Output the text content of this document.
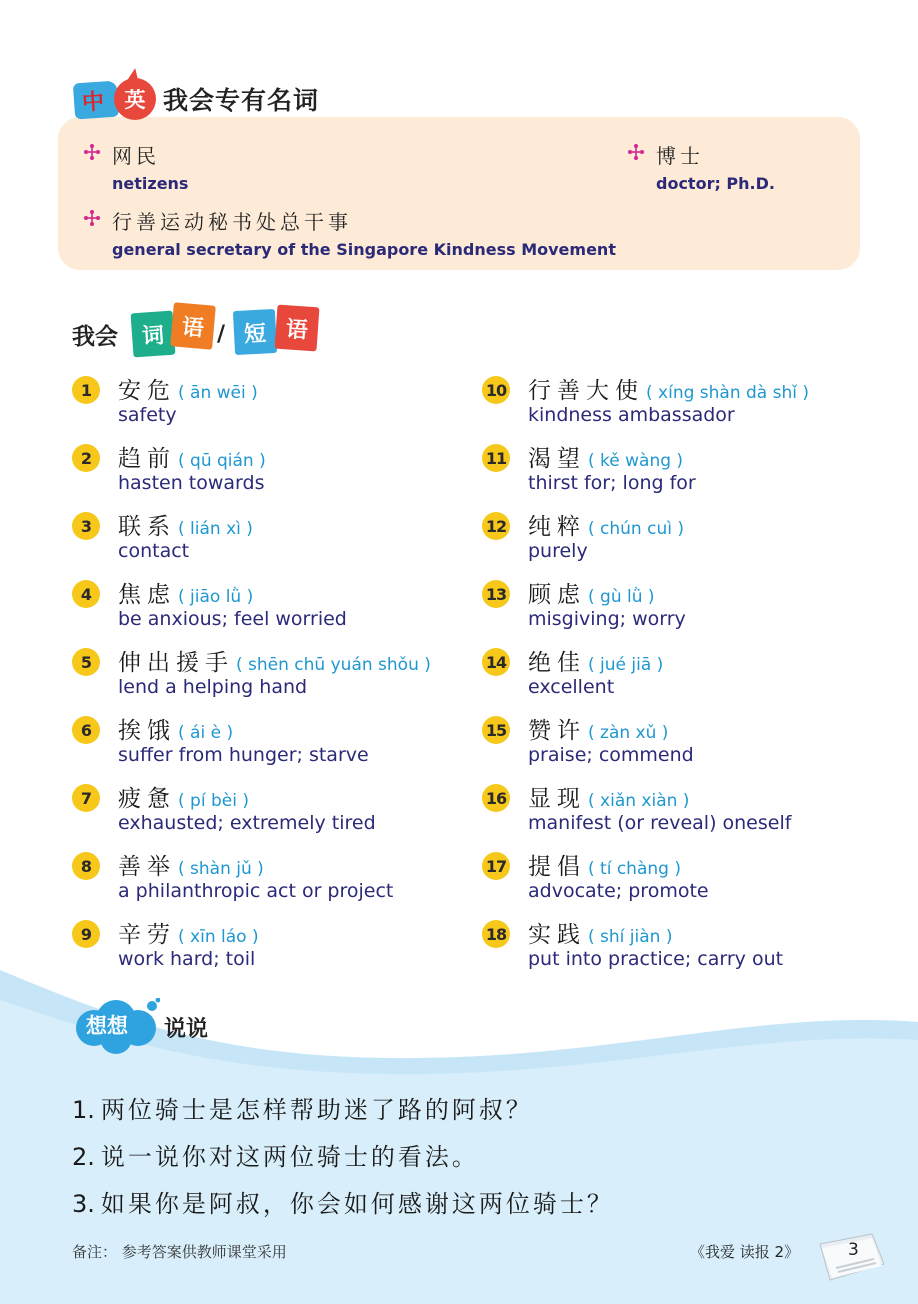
中 英 我会专有名词
网民
netizens
博士
doctor; Ph.D.
行善运动秘书处总干事
general secretary of the Singapore Kindness Movement
我会	词 语 / 短 语
1	安危 ( ān wēi )
safety
2	趋前 ( qū qián )
hasten towards
3	联系 ( lián xì )
contact
4	焦虑 ( jiāo lǜ )
be anxious; feel worried
5	伸出援手 ( shēn chū yuán shǒu )
lend a helping hand
6	挨饿 ( ái è )
suffer from hunger; starve
7	疲惫 ( pí bèi )
exhausted; extremely tired
8	善举 ( shàn jǔ )
a philanthropic act or project
9	辛劳 ( xīn láo )
work hard; toil
10 行善大使 ( xíng shàn dà shǐ )
kindness ambassador
11 渴望 ( kě wàng )
thirst for; long for
12 纯粹 ( chún cuì )
purely
13 顾虑 ( gù lǜ )
misgiving; worry
14 绝佳 ( jué jiā )
excellent
15 赞许 ( zàn xǔ )
praise; commend
16 显现 ( xiǎn xiàn )
manifest (or reveal) oneself
17 提倡 ( tí chàng )
advocate; promote
18 实践 ( shí jiàn )
put into practice; carry out
想想 说说
1. 两位骑士是怎样帮助迷了路的阿叔？
2. 说一说你对这两位骑士的看法。
3. 如果你是阿叔，你会如何感谢这两位骑士？
备注： 参考答案供教师课堂采用	《我爱 读报 2》	3
